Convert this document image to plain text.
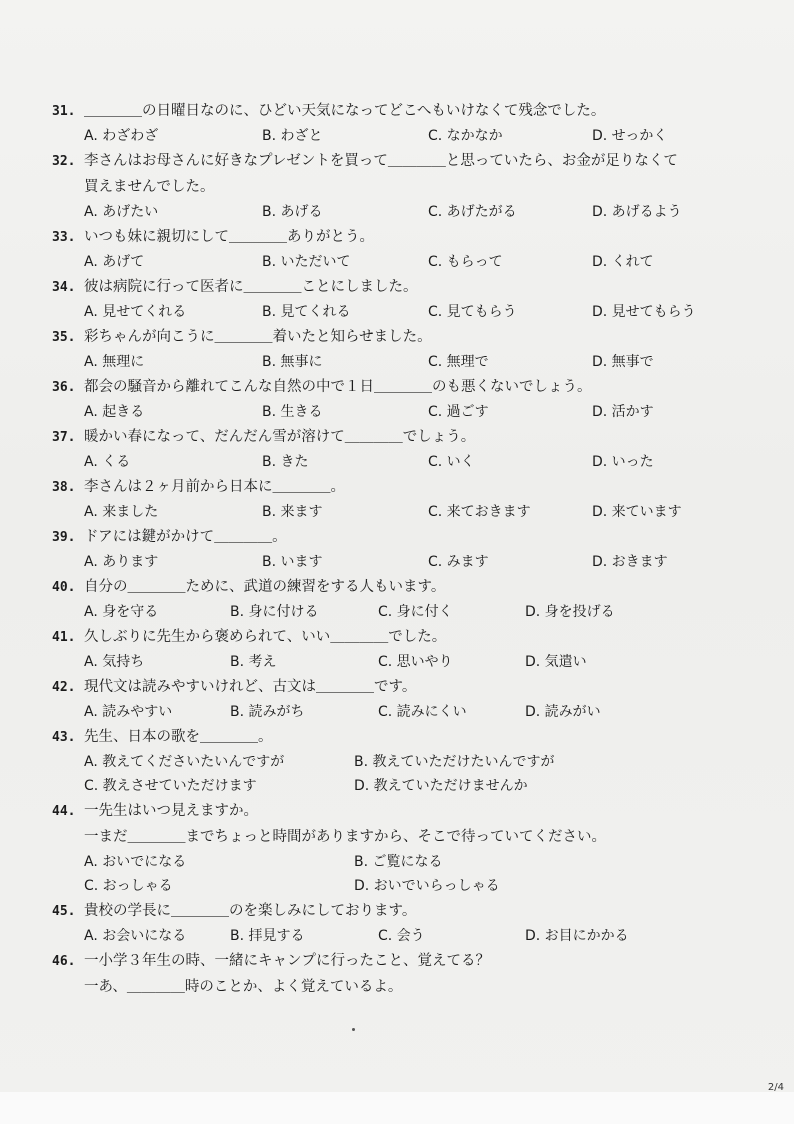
31. ＿＿＿＿の日曜日なのに、ひどい天気になってどこへもいけなくて残念でした。
A. わざわざ	B. わざと	C. なかなか	D. せっかく
32. 李さんはお母さんに好きなプレゼントを買って＿＿＿＿と思っていたら、お金が足りなくて
買えませんでした。
A. あげたい	B. あげる	C. あげたがる	D. あげるよう
33. いつも妹に親切にして＿＿＿＿ありがとう。
A. あげて	B. いただいて	C. もらって	D. くれて
34. 彼は病院に行って医者に＿＿＿＿ことにしました。
A. 見せてくれる	B. 見てくれる	C. 見てもらう	D. 見せてもらう
35. 彩ちゃんが向こうに＿＿＿＿着いたと知らせました。
A. 無理に	B. 無事に	C. 無理で	D. 無事で
36. 都会の騒音から離れてこんな自然の中で１日＿＿＿＿のも悪くないでしょう。
A. 起きる	B. 生きる	C. 過ごす	D. 活かす
37. 暖かい春になって、だんだん雪が溶けて＿＿＿＿でしょう。
A. くる	B. きた	C. いく	D. いった
38. 李さんは２ヶ月前から日本に＿＿＿＿。
A. 来ました	B. 来ます	C. 来ておきます	D. 来ています
39. ドアには鍵がかけて＿＿＿＿。
A. あります	B. います	C. みます	D. おきます
40. 自分の＿＿＿＿ために、武道の練習をする人もいます。
A. 身を守る	B. 身に付ける	C. 身に付く	D. 身を投げる
41. 久しぶりに先生から褒められて、いい＿＿＿＿でした。
A. 気持ち	B. 考え	C. 思いやり	D. 気遣い
42. 現代文は読みやすいけれど、古文は＿＿＿＿です。
A. 読みやすい	B. 読みがち	C. 読みにくい	D. 読みがい
43. 先生、日本の歌を＿＿＿＿。
A. 教えてくださいたいんですが	B. 教えていただけたいんですが
C. 教えさせていただけます	D. 教えていただけませんか
44. 一先生はいつ見えますか。
一まだ＿＿＿＿までちょっと時間がありますから、そこで待っていてください。
A. おいでになる	B. ご覧になる
C. おっしゃる	D. おいでいらっしゃる
45. 貴校の学長に＿＿＿＿のを楽しみにしております。
A. お会いになる	B. 拝見する	C. 会う	D. お目にかかる
46. 一小学３年生の時、一緒にキャンプに行ったこと、覚えてる？
一あ、＿＿＿＿時のことか、よく覚えているよ。
2/4
